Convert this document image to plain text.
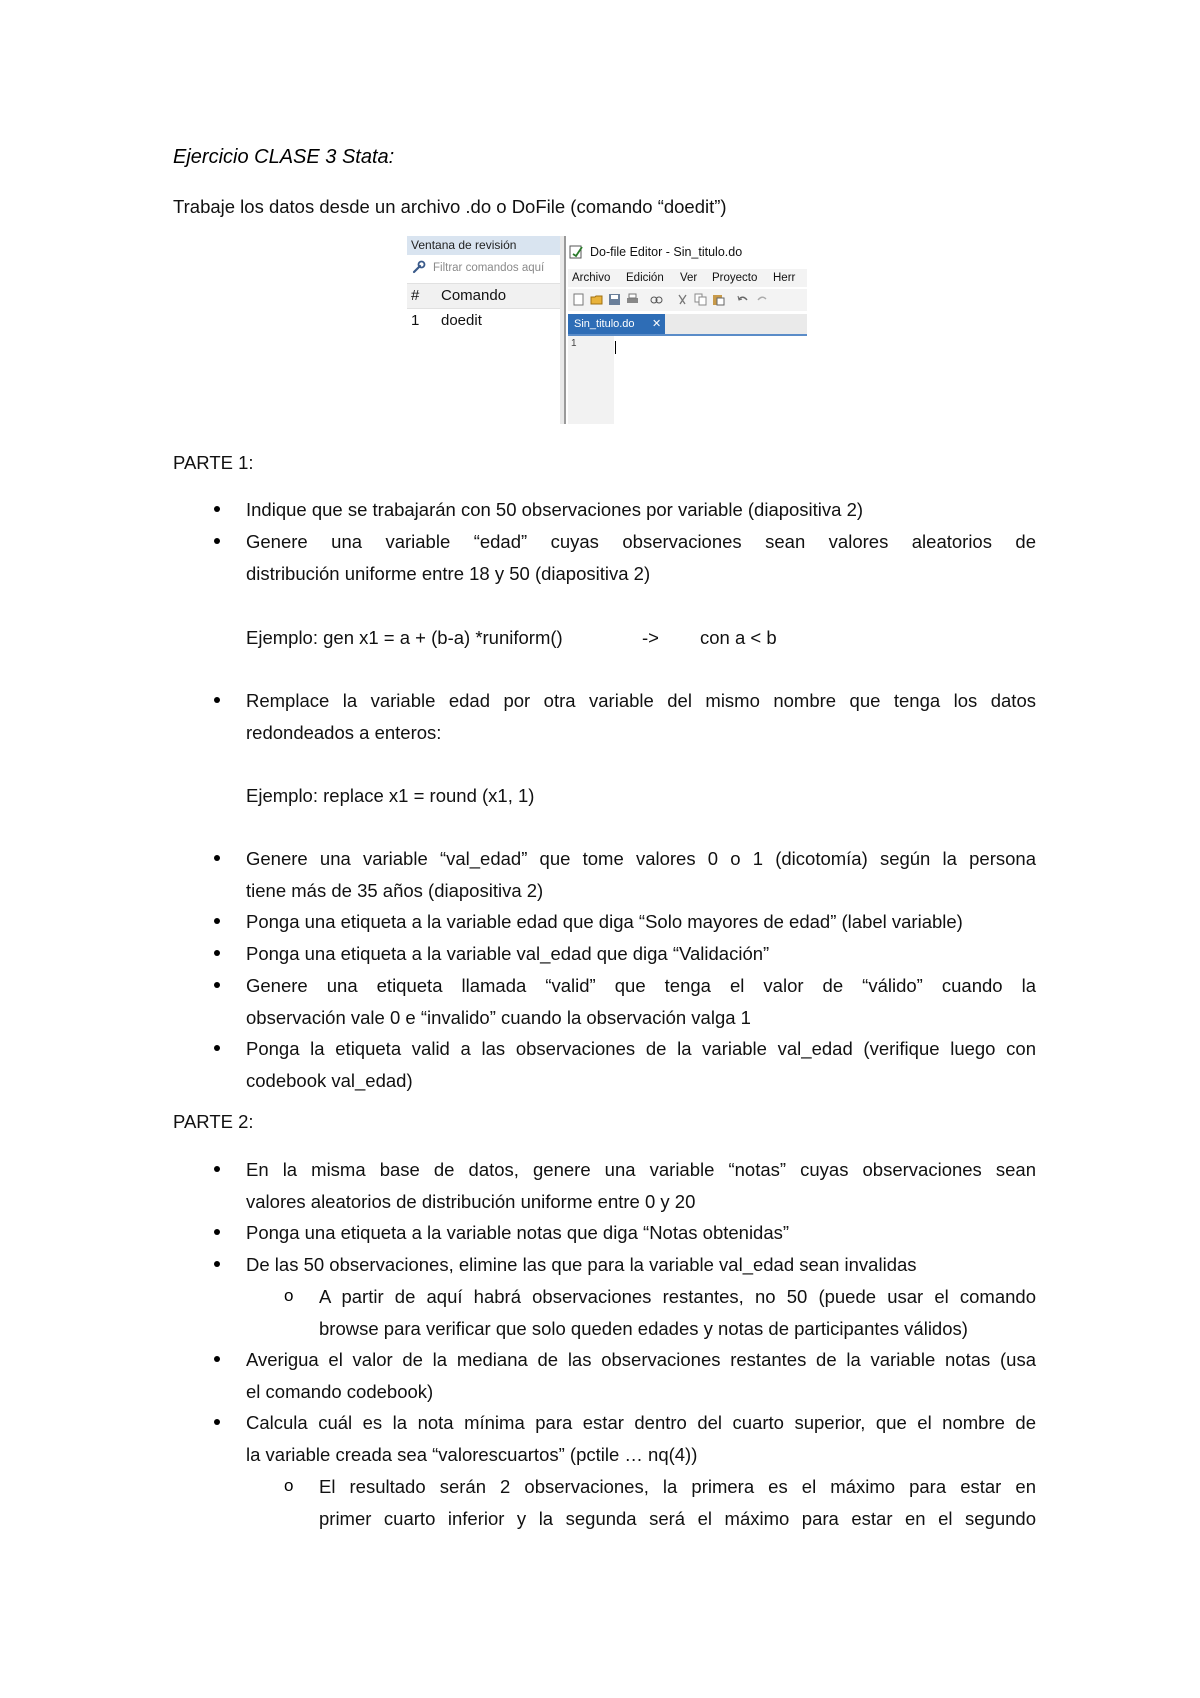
Ejercicio CLASE 3 Stata:
Trabaje los datos desde un archivo .do o DoFile (comando “doedit”)
Ventana de revisión
Filtrar comandos aquí
# Comando
1 doedit
Do-file Editor - Sin_titulo.do
Archivo Edición Ver Proyecto Herr
Sin_titulo.do ✕
1
PARTE 1:
Indique que se trabajarán con 50 observaciones por variable (diapositiva 2)
Genere una variable “edad” cuyas observaciones sean valores aleatorios de
distribución uniforme entre 18 y 50 (diapositiva 2)
Ejemplo: gen x1 = a + (b-a) *runiform()	-> con a < b
Remplace la variable edad por otra variable del mismo nombre que tenga los datos
redondeados a enteros:
Ejemplo: replace x1 = round (x1, 1)
Genere una variable “val_edad” que tome valores 0 o 1 (dicotomía) según la persona
tiene más de 35 años (diapositiva 2)
Ponga una etiqueta a la variable edad que diga “Solo mayores de edad” (label variable)
Ponga una etiqueta a la variable val_edad que diga “Validación”
Genere una etiqueta llamada “valid” que tenga el valor de “válido” cuando la
observación vale 0 e “invalido” cuando la observación valga 1
Ponga la etiqueta valid a las observaciones de la variable val_edad (verifique luego con
codebook val_edad)
PARTE 2:
En la misma base de datos, genere una variable “notas” cuyas observaciones sean
valores aleatorios de distribución uniforme entre 0 y 20
Ponga una etiqueta a la variable notas que diga “Notas obtenidas”
De las 50 observaciones, elimine las que para la variable val_edad sean invalidas
o A partir de aquí habrá observaciones restantes, no 50 (puede usar el comando
browse para verificar que solo queden edades y notas de participantes válidos)
Averigua el valor de la mediana de las observaciones restantes de la variable notas (usa
el comando codebook)
Calcula cuál es la nota mínima para estar dentro del cuarto superior, que el nombre de
la variable creada sea “valorescuartos” (pctile … nq(4))
o El resultado serán 2 observaciones, la primera es el máximo para estar en
primer cuarto inferior y la segunda será el máximo para estar en el segundo
